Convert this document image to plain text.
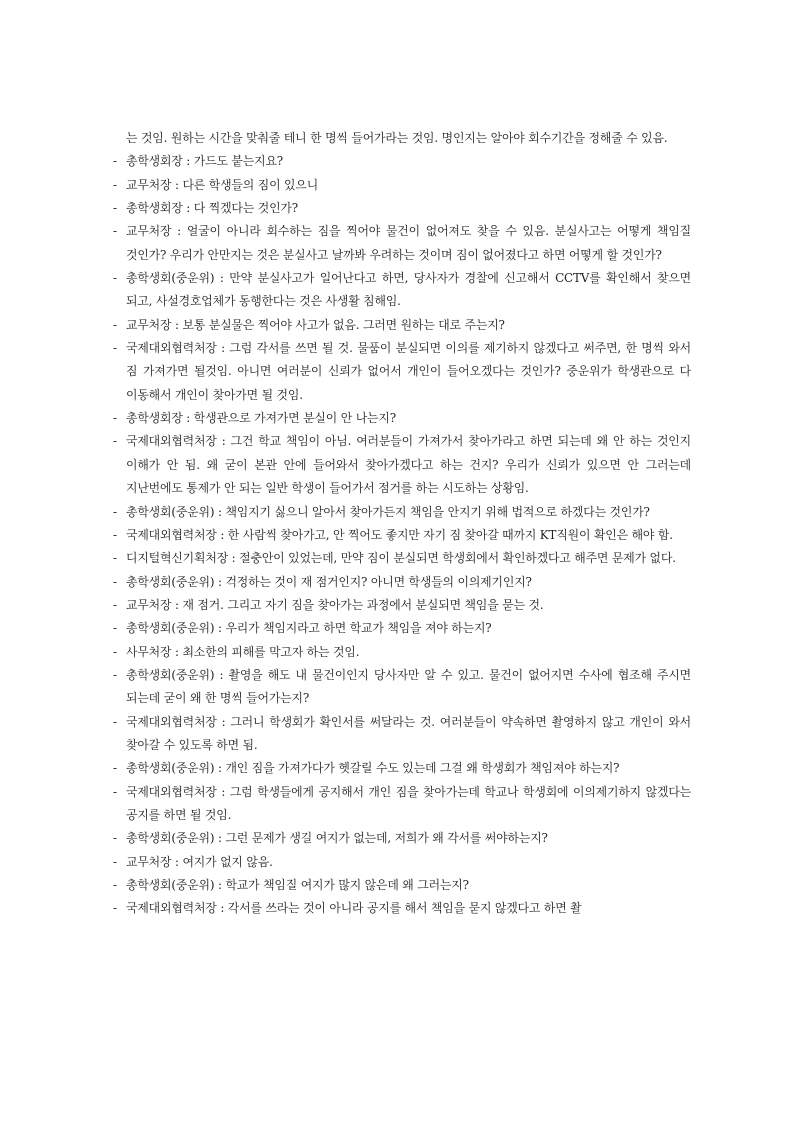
는 것임. 원하는 시간을 맞춰줄 테니 한 명씩 들어가라는 것임. 명인지는 알아야 회수기간을 정해줄 수 있음.

- 총학생회장 : 가드도 붙는지요?

- 교무처장 : 다른 학생들의 짐이 있으니

- 총학생회장 : 다 찍겠다는 것인가?

- 교무처장 : 얼굴이 아니라 회수하는 짐을 찍어야 물건이 없어져도 찾을 수 있음. 분실사고는 어떻게 책임질 것인가? 우리가 안만지는 것은 분실사고 날까봐 우려하는 것이며 짐이 없어졌다고 하면 어떻게 할 것인가?

- 총학생회(중운위) : 만약 분실사고가 일어난다고 하면, 당사자가 경찰에 신고해서 CCTV를 확인해서 찾으면 되고, 사설경호업체가 동행한다는 것은 사생활 침해임.

- 교무처장 : 보통 분실물은 찍어야 사고가 없음. 그러면 원하는 대로 주는지?

- 국제대외협력처장 : 그럼 각서를 쓰면 될 것. 물품이 분실되면 이의를 제기하지 않겠다고 써주면, 한 명씩 와서 짐 가져가면 될것임. 아니면 여러분이 신뢰가 없어서 개인이 들어오겠다는 것인가? 중운위가 학생관으로 다 이동해서 개인이 찾아가면 될 것임.

- 총학생회장 : 학생관으로 가져가면 분실이 안 나는지?

- 국제대외협력처장 : 그건 학교 책임이 아님. 여러분들이 가져가서 찾아가라고 하면 되는데 왜 안 하는 것인지 이해가 안 됨. 왜 굳이 본관 안에 들어와서 찾아가겠다고 하는 건지? 우리가 신뢰가 있으면 안 그러는데 지난번에도 통제가 안 되는 일반 학생이 들어가서 점거를 하는 시도하는 상황임.

- 총학생회(중운위) : 책임지기 싫으니 알아서 찾아가든지 책임을 안지기 위해 법적으로 하겠다는 것인가?

- 국제대외협력처장 : 한 사람씩 찾아가고, 안 찍어도 좋지만 자기 짐 찾아갈 때까지 KT직원이 확인은 해야 함.

- 디지털혁신기획처장 : 절충안이 있었는데, 만약 짐이 분실되면 학생회에서 확인하겠다고 해주면 문제가 없다.

- 총학생회(중운위) : 걱정하는 것이 재 점거인지? 아니면 학생들의 이의제기인지?

- 교무처장 : 재 점거. 그리고 자기 짐을 찾아가는 과정에서 분실되면 책임을 묻는 것.

- 총학생회(중운위) : 우리가 책임지라고 하면 학교가 책임을 져야 하는지?

- 사무처장 : 최소한의 피해를 막고자 하는 것임.

- 총학생회(중운위) : 촬영을 해도 내 물건이인지 당사자만 알 수 있고. 물건이 없어지면 수사에 협조해 주시면 되는데 굳이 왜 한 명씩 들어가는지?

- 국제대외협력처장 : 그러니 학생회가 확인서를 써달라는 것. 여러분들이 약속하면 촬영하지 않고 개인이 와서 찾아갈 수 있도록 하면 됨.

- 총학생회(중운위) : 개인 짐을 가져가다가 헷갈릴 수도 있는데 그걸 왜 학생회가 책임져야 하는지?

- 국제대외협력처장 : 그럼 학생들에게 공지해서 개인 짐을 찾아가는데 학교나 학생회에 이의제기하지 않겠다는 공지를 하면 될 것임.

- 총학생회(중운위) : 그런 문제가 생길 여지가 없는데, 저희가 왜 각서를 써야하는지?

- 교무처장 : 여지가 없지 않음.

- 총학생회(중운위) : 학교가 책임질 여지가 많지 않은데 왜 그러는지?

- 국제대외협력처장 : 각서를 쓰라는 것이 아니라 공지를 해서 책임을 묻지 않겠다고 하면 촬
